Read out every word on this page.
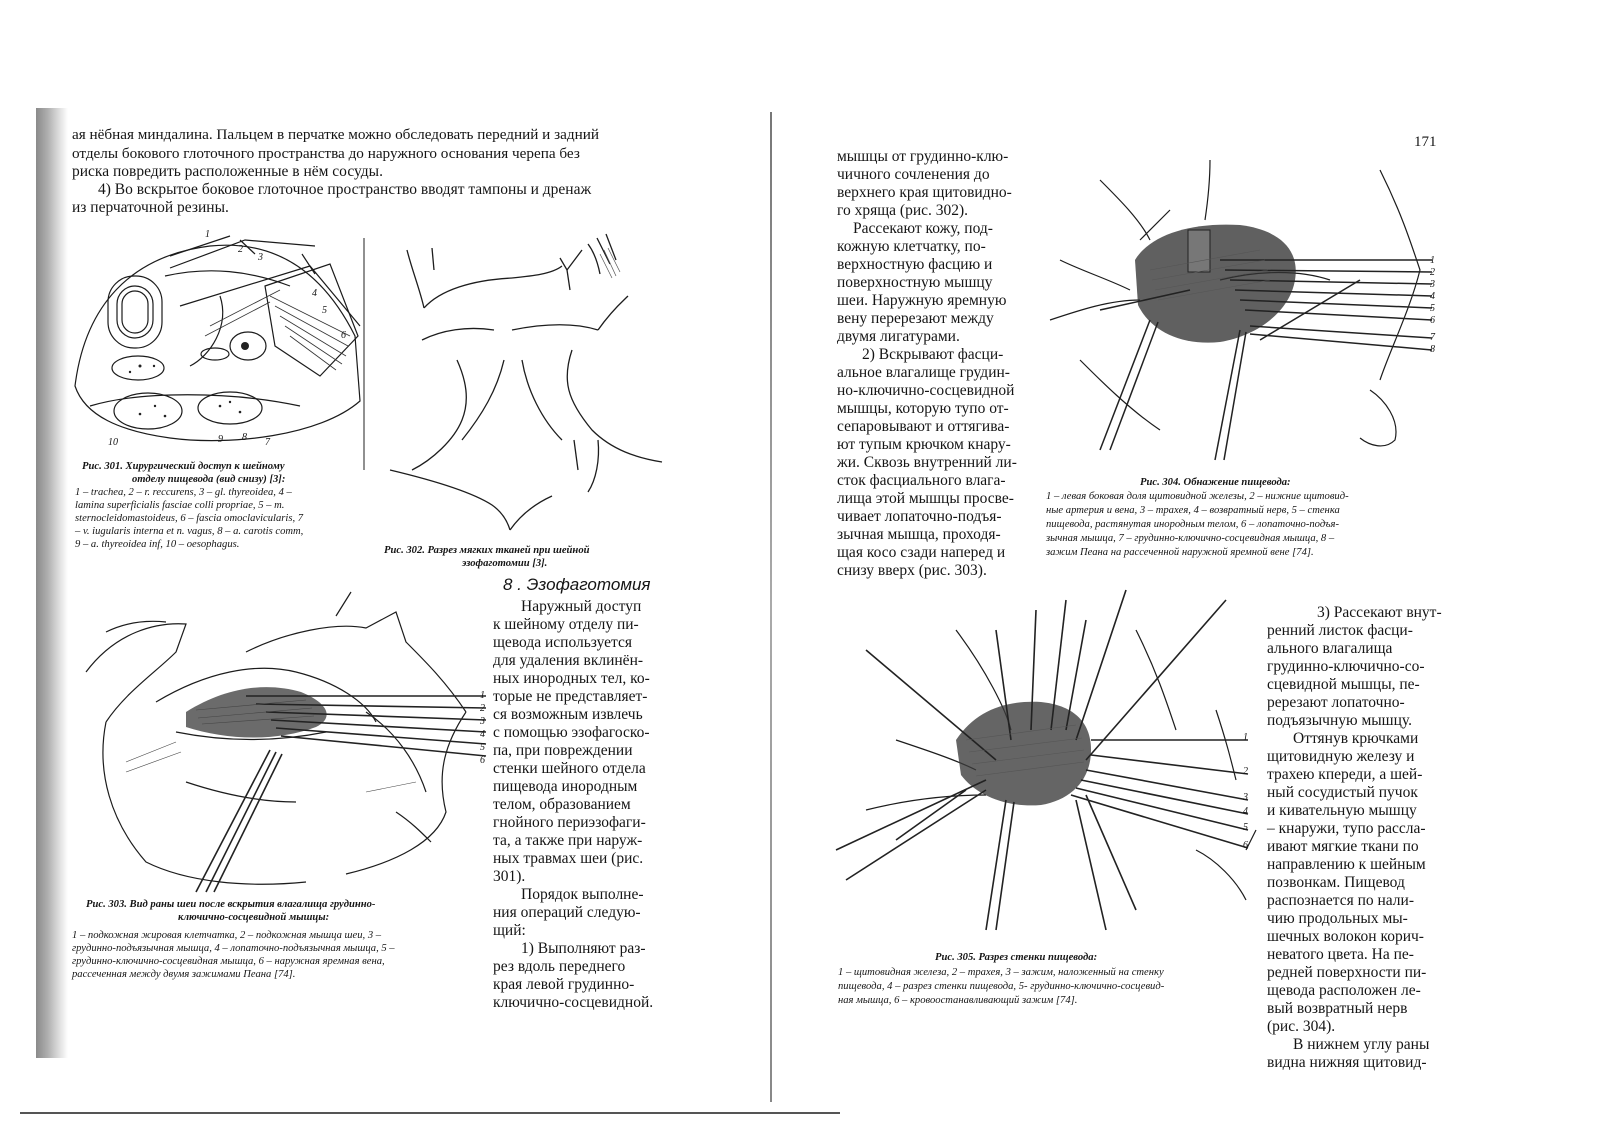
ая нёбная миндалина. Пальцем в перчатке можно обследовать передний и задний
отделы бокового глоточного пространства до наружного основания черепа без
риска повредить расположенные в нём сосуды.
4) Во вскрытое боковое глоточное пространство вводят тампоны и дренаж
из перчаточной резины.
1
2
3
4
5
6
7
8
9
10
Рис. 301. Хирургический доступ к шейному
отделу пищевода (вид снизу) [3]:
1 – trachea, 2 – r. reccurens, 3 – gl. thyreoidea, 4 –
lamina superficialis fasciae colli propriae, 5 – m.
sternocleidomastoideus, 6 – fascia omoclavicularis, 7
– v. iugularis interna et n. vagus, 8 – a. carotis comm,
9 – a. thyreoidea inf, 10 – oesophagus.
Рис. 302. Разрез мягких тканей при шейной
эзофаготомии [3].
8 . Эзофаготомия
1
2
3
4
5
6
Наружный доступ
к шейному отделу пи-
щевода используется
для удаления вклинён-
ных инородных тел, ко-
торые не представляет-
ся возможным извлечь
с помощью эзофагоско-
па, при повреждении
стенки шейного отдела
пищевода инородным
телом, образованием
гнойного периэзофаги-
та, а также при наруж-
ных травмах шеи (рис.
301).
Порядок выполне-
ния операций следую-
щий:
1) Выполняют раз-
рез вдоль переднего
края левой грудинно-
ключично-сосцевидной.
Рис. 303. Вид раны шеи после вскрытия влагалища грудинно-
ключично-сосцевидной мышцы:
1 – подкожная жировая клетчатка, 2 – подкожная мышца шеи, 3 –
грудинно-подъязычная мышца, 4 – лопаточно-подъязычная мышца, 5 –
грудинно-ключично-сосцевидная мышца, 6 – наружная яремная вена,
рассеченная между двумя зажимами Пеана [74].
171
мышцы от грудинно-клю-
чичного сочленения до
верхнего края щитовидно-
го хряща (рис. 302).
Рассекают кожу, под-
кожную клетчатку, по-
верхностную фасцию и
поверхностную мышцу
шеи. Наружную яремную
вену перерезают между
двумя лигатурами.
2) Вскрывают фасци-
альное влагалище грудин-
но-ключично-сосцевидной
мышцы, которую тупо от-
сепаровывают и оттягива-
ют тупым крючком кнару-
жи. Сквозь внутренний ли-
сток фасциального влага-
лища этой мышцы просве-
чивает лопаточно-подъя-
зычная мышца, проходя-
щая косо сзади наперед и
снизу вверх (рис. 303).
1
2
3
4
5
6
7
8
Рис. 304. Обнажение пищевода:
1 – левая боковая доля щитовидной железы, 2 – нижние щитовид-
ные артерия и вена, 3 – трахея, 4 – возвратный нерв, 5 – стенка
пищевода, растянутая инородным телом, 6 – лопаточно-подъя-
зычная мышца, 7 – грудинно-ключично-сосцевидная мышца, 8 –
зажим Пеана на рассеченной наружной яремной вене [74].
1
2
3
4
5
6
Рис. 305. Разрез стенки пищевода:
1 – щитовидная железа, 2 – трахея, 3 – зажим, наложенный на стенку
пищевода, 4 – разрез стенки пищевода, 5- грудинно-ключично-сосцевид-
ная мышца, 6 – кровоостанавливающий зажим [74].
3) Рассекают внут-
ренний листок фасци-
ального влагалища
грудинно-ключично-со-
сцевидной мышцы, пе-
ререзают лопаточно-
подъязычную мышцу.
Оттянув крючками
щитовидную железу и
трахею кпереди, а шей-
ный сосудистый пучок
и кивательную мышцу
– кнаружи, тупо рассла-
ивают мягкие ткани по
направлению к шейным
позвонкам. Пищевод
распознается по нали-
чию продольных мы-
шечных волокон корич-
неватого цвета. На пе-
редней поверхности пи-
щевода расположен ле-
вый возвратный нерв
(рис. 304).
В нижнем углу раны
видна нижняя щитовид-
